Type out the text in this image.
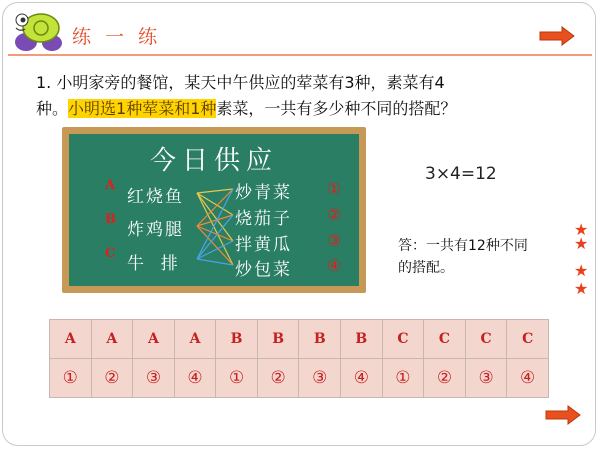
练 一 练
1. 小明家旁的餐馆，某天中午供应的荤菜有3种，素菜有4
种。小明选1种荤菜和1种素菜，一共有多少种不同的搭配？
今日供应
A
红烧鱼
B
炸鸡腿
C
牛  排
炒青菜 ①
烧茄子 ②
拌黄瓜 ③
炒包菜 ④
3×4=12
答：一共有12种不同的搭配。
★
★
★
★
A	A	A	A	B	B	B	B	C	C	C	C
①	②	③	④	①	②	③	④	①	②	③	④
